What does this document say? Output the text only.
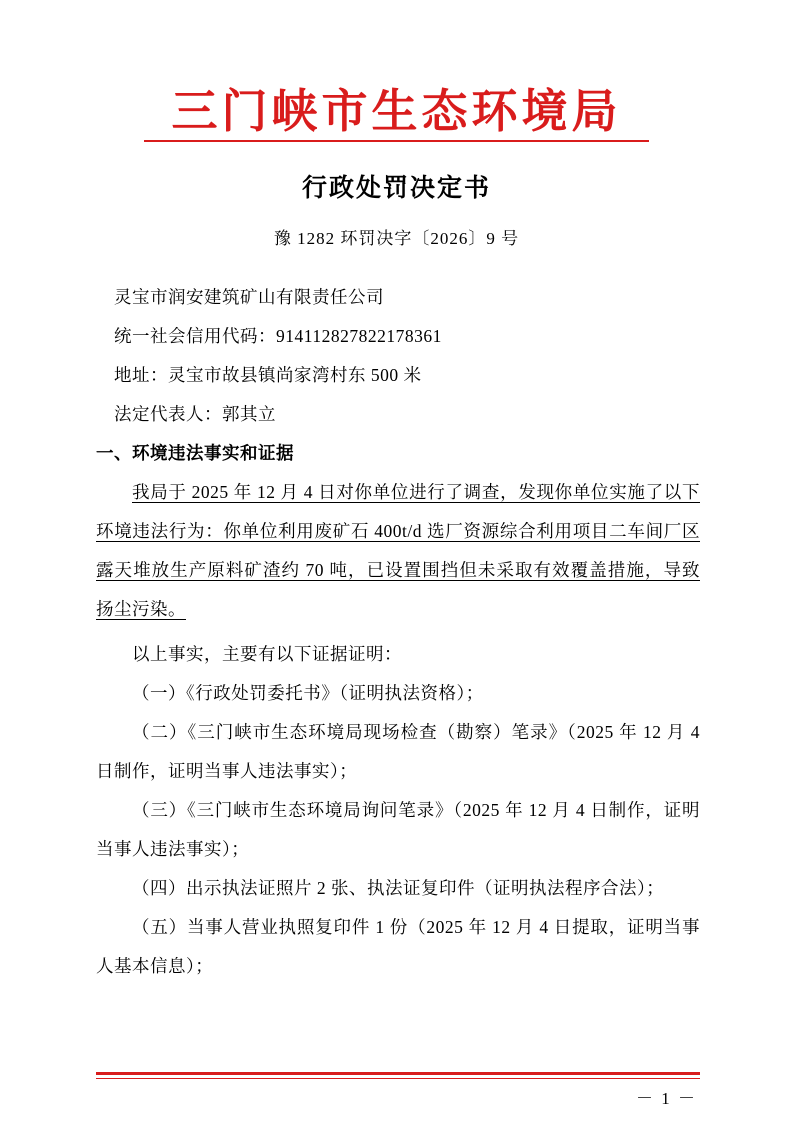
三门峡市生态环境局
行政处罚决定书
豫 1282 环罚决字〔2026〕9 号
灵宝市润安建筑矿山有限责任公司
统一社会信用代码：914112827822178361
地址：灵宝市故县镇尚家湾村东 500 米
法定代表人：郭其立
一、环境违法事实和证据
我局于 2025 年 12 月 4 日对你单位进行了调查，发现你单位实施了以下环境违法行为：你单位利用废矿石 400t/d 选厂资源综合利用项目二车间厂区露天堆放生产原料矿渣约 70 吨，已设置围挡但未采取有效覆盖措施，导致扬尘污染。
以上事实，主要有以下证据证明：
（一）《行政处罚委托书》（证明执法资格）；
（二）《三门峡市生态环境局现场检查（勘察）笔录》（2025 年 12 月 4 日制作，证明当事人违法事实）；
（三）《三门峡市生态环境局询问笔录》（2025 年 12 月 4 日制作，证明当事人违法事实）；
（四）出示执法证照片 2 张、执法证复印件（证明执法程序合法）；
（五）当事人营业执照复印件 1 份（2025 年 12 月 4 日提取，证明当事人基本信息）；
－ 1 －
